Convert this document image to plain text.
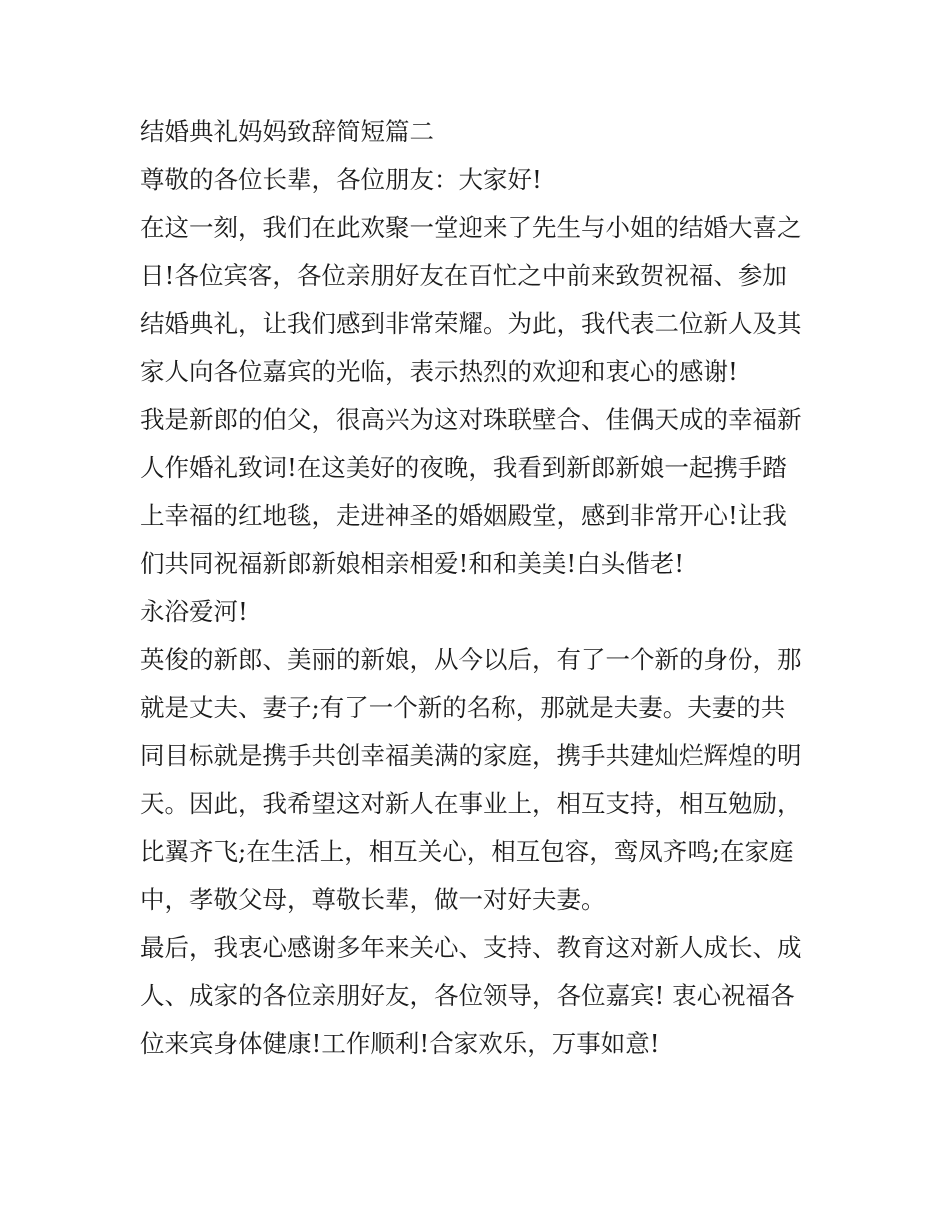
结婚典礼妈妈致辞简短篇二
尊敬的各位长辈，各位朋友：大家好!
在这一刻，我们在此欢聚一堂迎来了先生与小姐的结婚大喜之
日!各位宾客，各位亲朋好友在百忙之中前来致贺祝福、参加
结婚典礼，让我们感到非常荣耀。为此，我代表二位新人及其
家人向各位嘉宾的光临，表示热烈的欢迎和衷心的感谢!
我是新郎的伯父，很高兴为这对珠联壁合、佳偶天成的幸福新
人作婚礼致词!在这美好的夜晚，我看到新郎新娘一起携手踏
上幸福的红地毯，走进神圣的婚姻殿堂，感到非常开心!让我
们共同祝福新郎新娘相亲相爱!和和美美!白头偕老!
永浴爱河!
英俊的新郎、美丽的新娘，从今以后，有了一个新的身份，那
就是丈夫、妻子;有了一个新的名称，那就是夫妻。夫妻的共
同目标就是携手共创幸福美满的家庭，携手共建灿烂辉煌的明
天。因此，我希望这对新人在事业上，相互支持，相互勉励，
比翼齐飞;在生活上，相互关心，相互包容，鸾凤齐鸣;在家庭
中，孝敬父母，尊敬长辈，做一对好夫妻。
最后，我衷心感谢多年来关心、支持、教育这对新人成长、成
人、成家的各位亲朋好友，各位领导，各位嘉宾! 衷心祝福各
位来宾身体健康!工作顺利!合家欢乐，万事如意!
